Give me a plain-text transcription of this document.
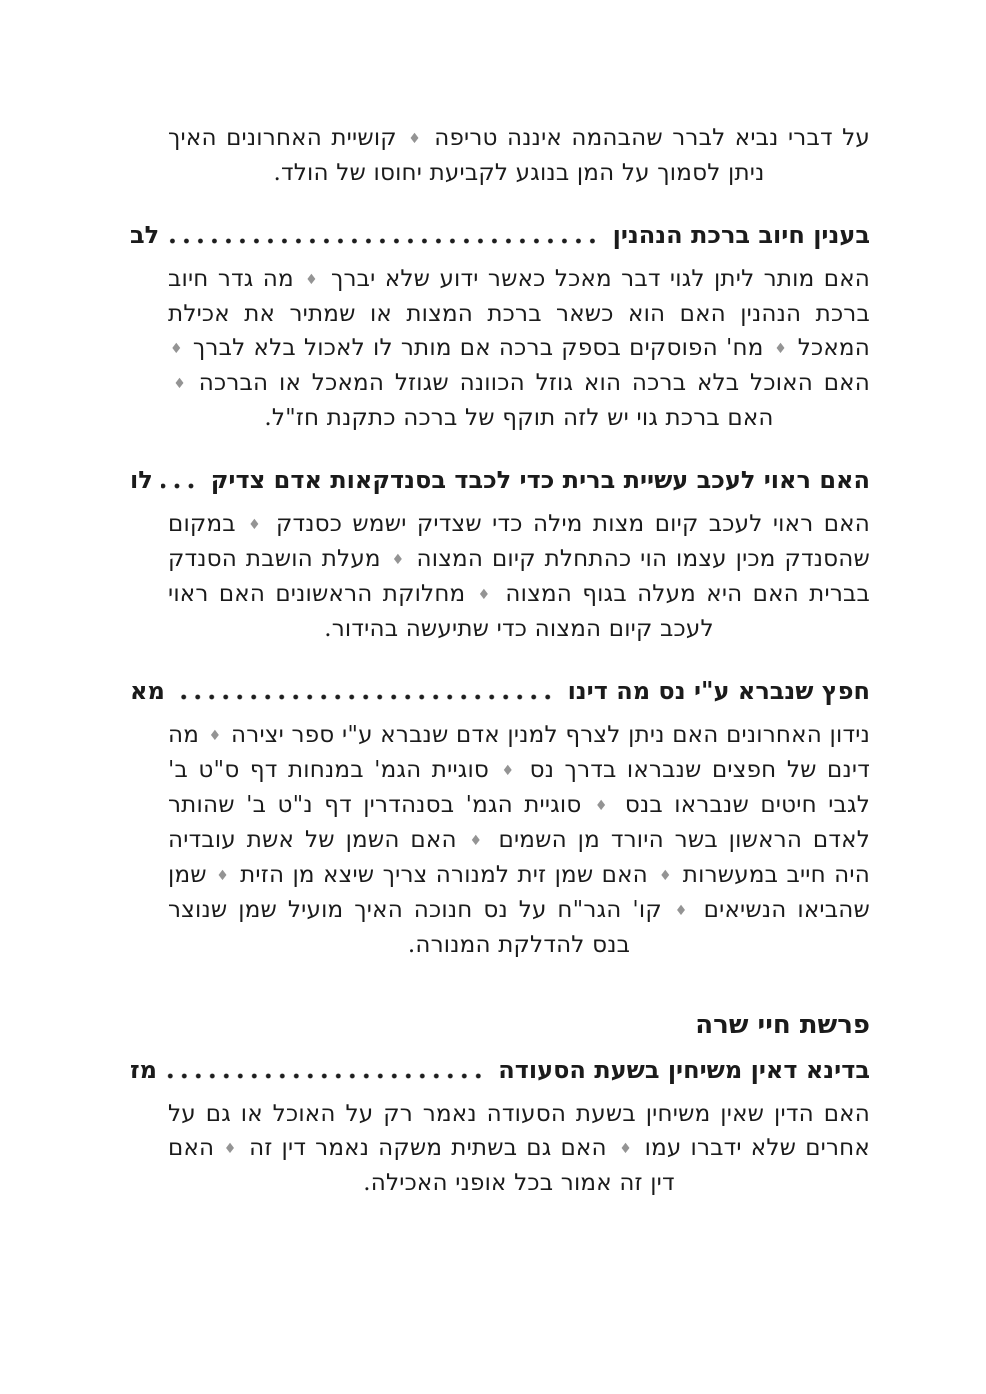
על דברי נביא לברר שהבהמה איננה טריפה ♦ קושיית האחרונים האיך ניתן לסמוך על המן בנוגע לקביעת יחוסו של הולד.

בענין חיוב ברכת הנהנין
לב

האם מותר ליתן לגוי דבר מאכל כאשר ידוע שלא יברך ♦ מה גדר חיוב ברכת הנהנין האם הוא כשאר ברכת המצות או שמתיר את אכילת המאכל ♦ מח' הפוסקים בספק ברכה אם מותר לו לאכול בלא לברך ♦ האם האוכל בלא ברכה הוא גוזל הכוונה שגוזל המאכל או הברכה ♦ האם ברכת גוי יש לזה תוקף של ברכה כתקנת חז"ל.

האם ראוי לעכב עשיית ברית כדי לכבד בסנדקאות אדם צדיק
לו

האם ראוי לעכב קיום מצות מילה כדי שצדיק ישמש כסנדק ♦ במקום שהסנדק מכין עצמו הוי כהתחלת קיום המצוה ♦ מעלת הושבת הסנדק בברית האם היא מעלה בגוף המצוה ♦ מחלוקת הראשונים האם ראוי לעכב קיום המצוה כדי שתיעשה בהידור.

חפץ שנברא ע"י נס מה דינו
מא

נידון האחרונים האם ניתן לצרף למנין אדם שנברא ע"י ספר יצירה ♦ מה דינם של חפצים שנבראו בדרך נס ♦ סוגיית הגמ' במנחות דף ס"ט ב' לגבי חיטים שנבראו בנס ♦ סוגיית הגמ' בסנהדרין דף נ"ט ב' שהותר לאדם הראשון בשר היורד מן השמים ♦ האם השמן של אשת עובדיה היה חייב במעשרות ♦ האם שמן זית למנורה צריך שיצא מן הזית ♦ שמן שהביאו הנשיאים ♦ קו' הגר"ח על נס חנוכה האיך מועיל שמן שנוצר בנס להדלקת המנורה.

פרשת חיי שרה
בדינא דאין משיחין בשעת הסעודה
מז

האם הדין שאין משיחין בשעת הסעודה נאמר רק על האוכל או גם על אחרים שלא ידברו עמו ♦ האם גם בשתית משקה נאמר דין זה ♦ האם דין זה אמור בכל אופני האכילה.
